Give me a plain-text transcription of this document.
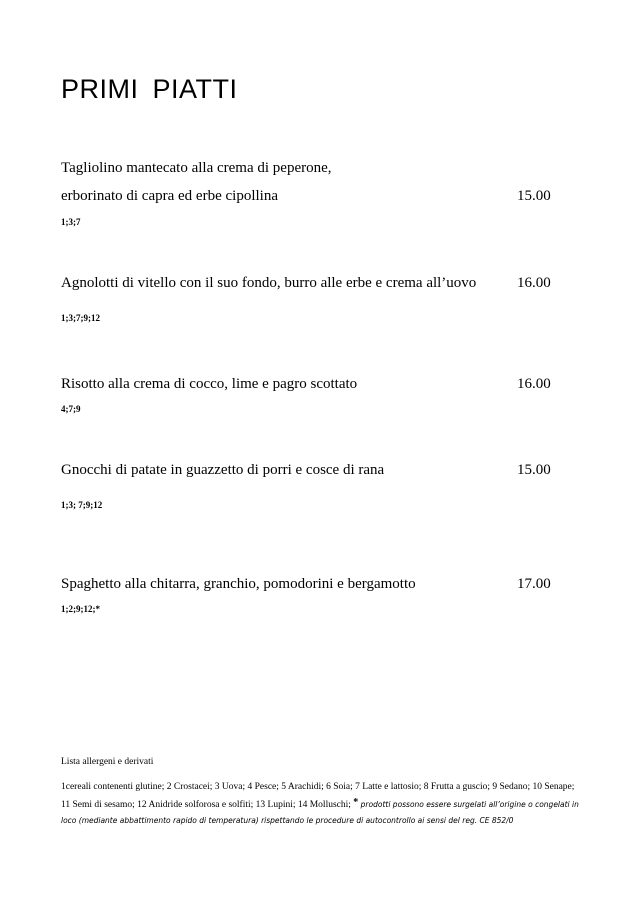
PRIMI PIATTI
Tagliolino mantecato alla crema di peperone,
erborinato di capra ed erbe cipollina	15.00
1;3;7
Agnolotti di vitello con il suo fondo, burro alle erbe e crema all’uovo	16.00
1;3;7;9;12
Risotto alla crema di cocco, lime e pagro scottato	16.00
4;7;9
Gnocchi di patate in guazzetto di porri e cosce di rana	15.00
1;3; 7;9;12
Spaghetto alla chitarra, granchio, pomodorini e bergamotto	17.00
1;2;9;12;*
Lista allergeni e derivati
1cereali contenenti glutine; 2 Crostacei; 3 Uova; 4 Pesce; 5 Arachidi; 6 Soia; 7 Latte e lattosio; 8 Frutta a guscio; 9 Sedano; 10 Senape; 11 Semi di sesamo; 12 Anidride solforosa e solfiti; 13 Lupini; 14 Molluschi; * prodotti possono essere surgelati all’origine o congelati in loco (mediante abbattimento rapido di temperatura) rispettando le procedure di autocontrollo ai sensi del reg. CE 852/0
